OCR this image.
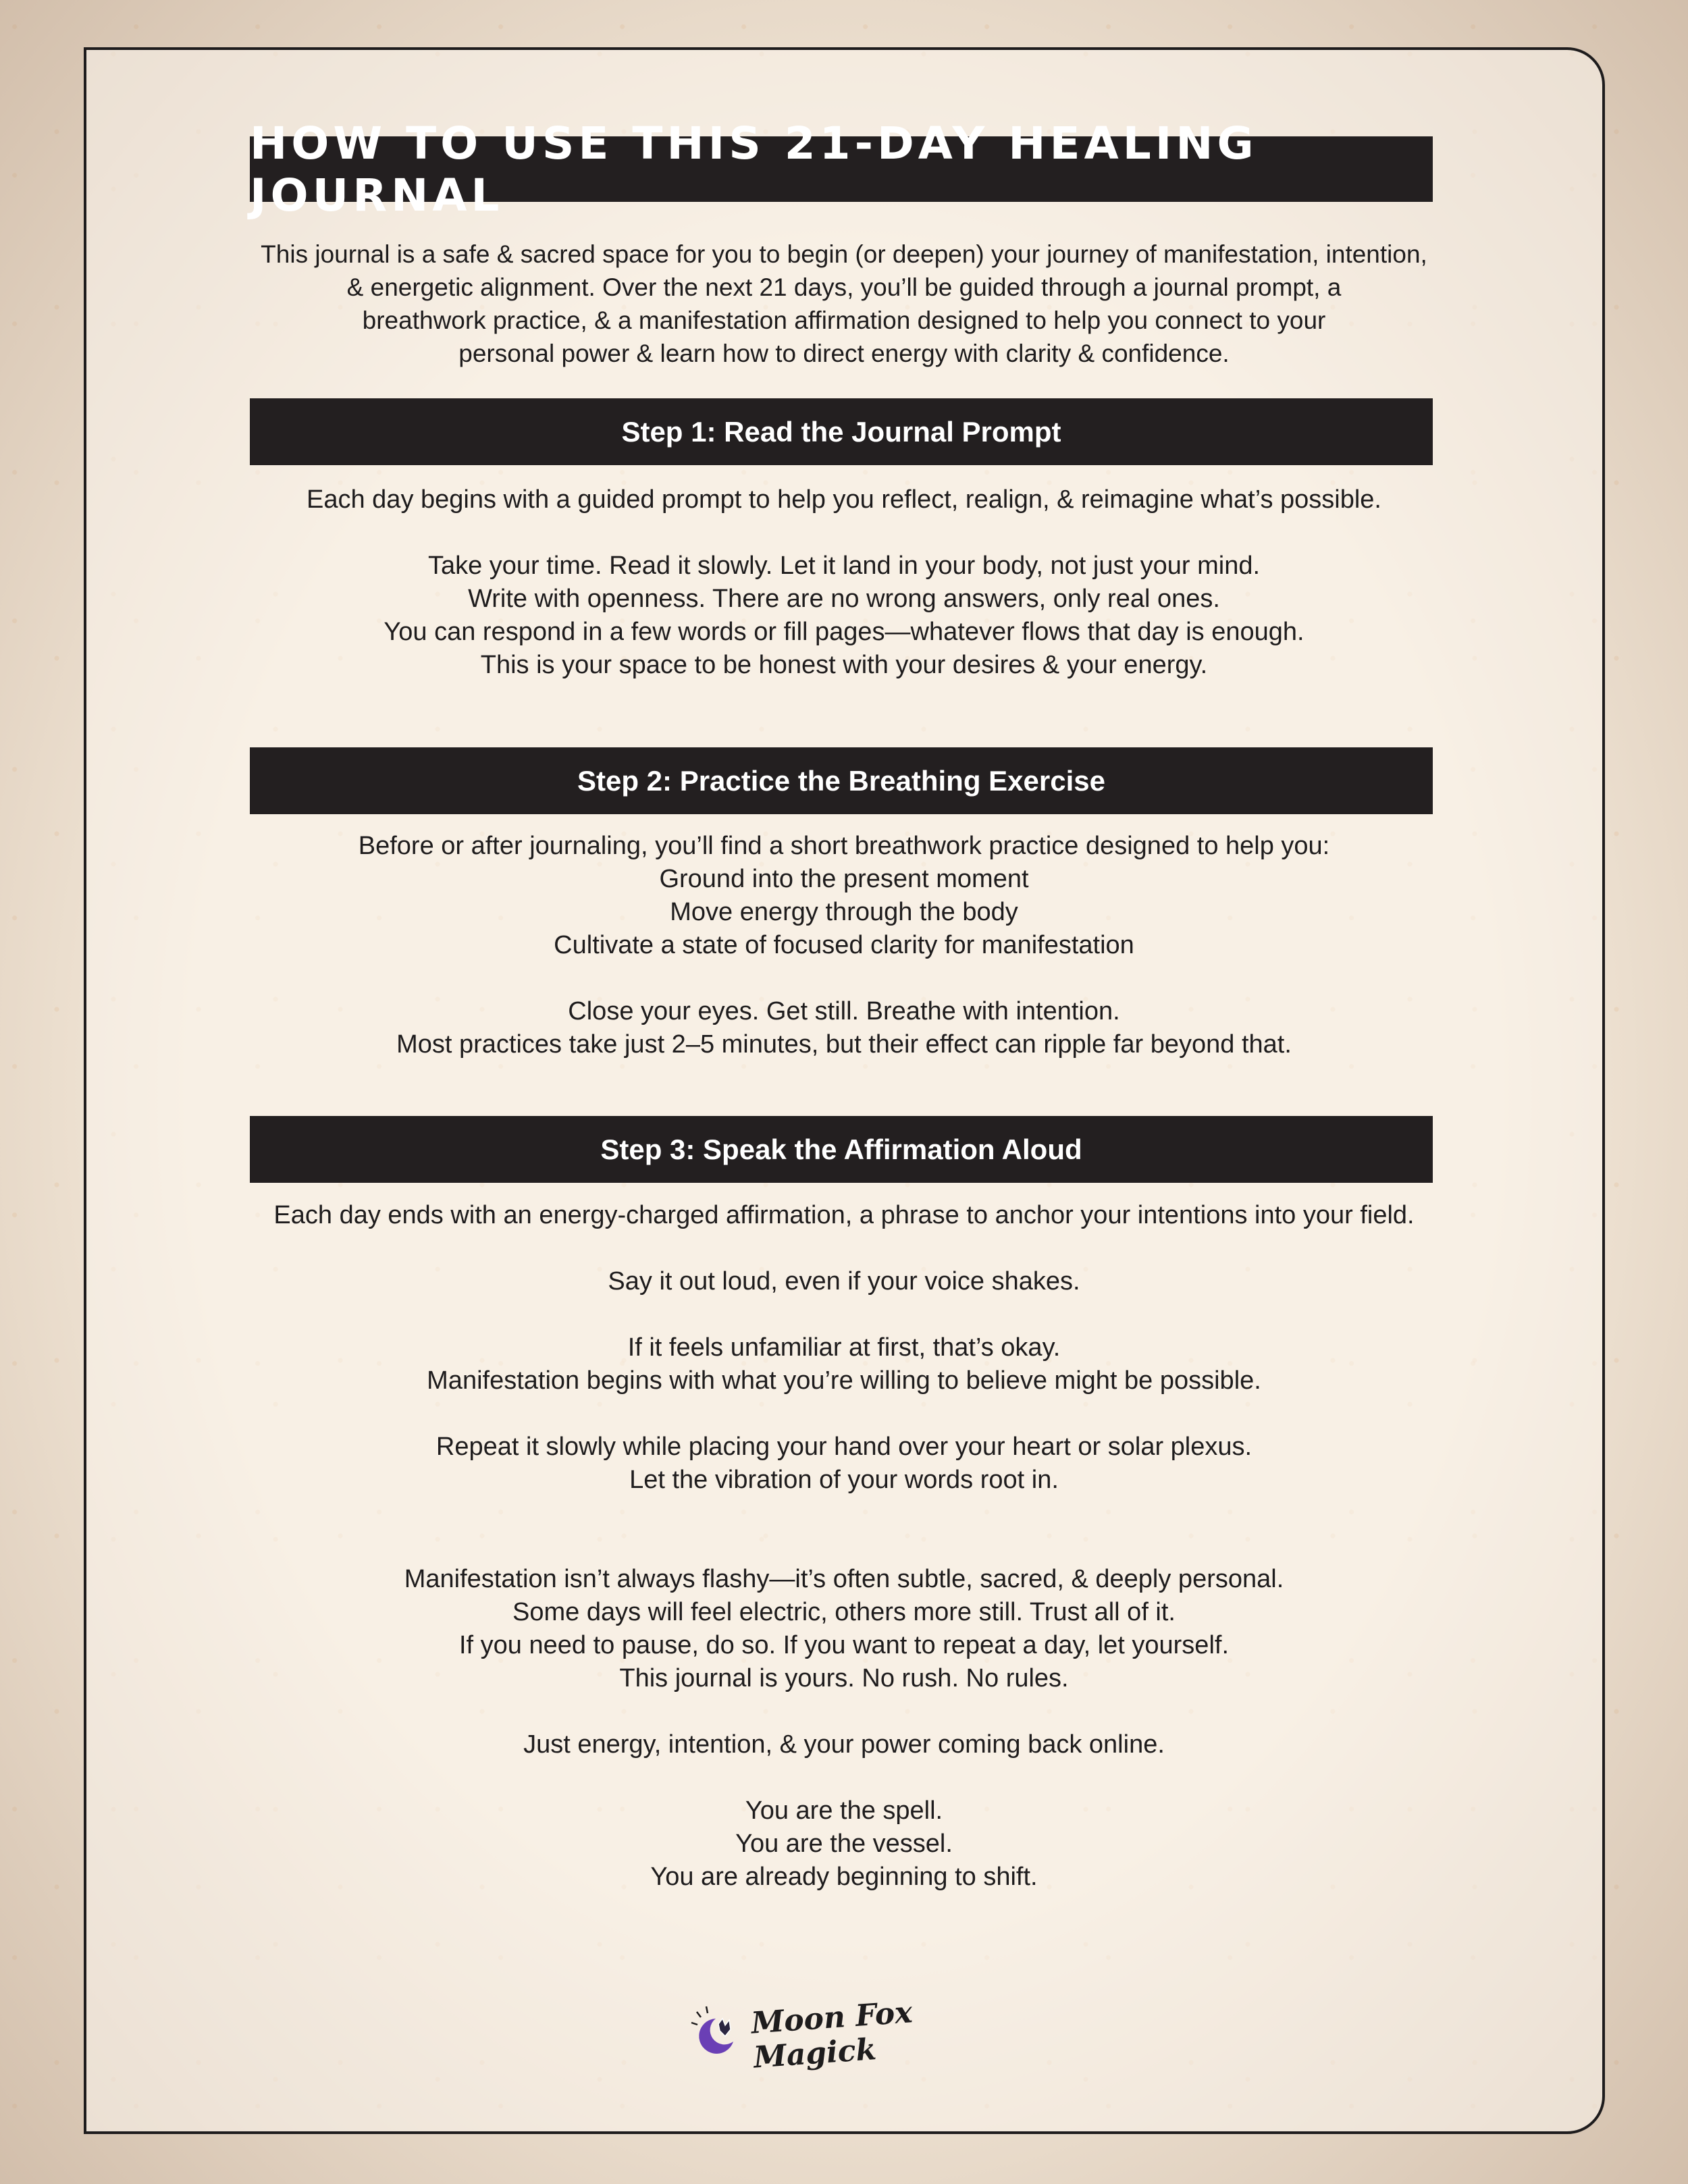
HOW TO USE THIS 21-DAY HEALING JOURNAL
This journal is a safe & sacred space for you to begin (or deepen) your journey of manifestation, intention,
& energetic alignment. Over the next 21 days, you’ll be guided through a journal prompt, a
breathwork practice, & a manifestation affirmation designed to help you connect to your
personal power & learn how to direct energy with clarity & confidence.
Step 1: Read the Journal Prompt

Each day begins with a guided prompt to help you reflect, realign, & reimagine what’s possible.

Take your time. Read it slowly. Let it land in your body, not just your mind.

Write with openness. There are no wrong answers, only real ones.

You can respond in a few words or fill pages—whatever flows that day is enough.

This is your space to be honest with your desires & your energy.

Step 2: Practice the Breathing Exercise

Before or after journaling, you’ll find a short breathwork practice designed to help you:

Ground into the present moment

Move energy through the body

Cultivate a state of focused clarity for manifestation

Close your eyes. Get still. Breathe with intention.

Most practices take just 2–5 minutes, but their effect can ripple far beyond that.

Step 3: Speak the Affirmation Aloud

Each day ends with an energy-charged affirmation, a phrase to anchor your intentions into your field.

Say it out loud, even if your voice shakes.

If it feels unfamiliar at first, that’s okay.

Manifestation begins with what you’re willing to believe might be possible.

Repeat it slowly while placing your hand over your heart or solar plexus.

Let the vibration of your words root in.

Manifestation isn’t always flashy—it’s often subtle, sacred, & deeply personal.

Some days will feel electric, others more still. Trust all of it.

If you need to pause, do so. If you want to repeat a day, let yourself.

This journal is yours. No rush. No rules.

Just energy, intention, & your power coming back online.

You are the spell.

You are the vessel.

You are already beginning to shift.

Moon Fox Magick
